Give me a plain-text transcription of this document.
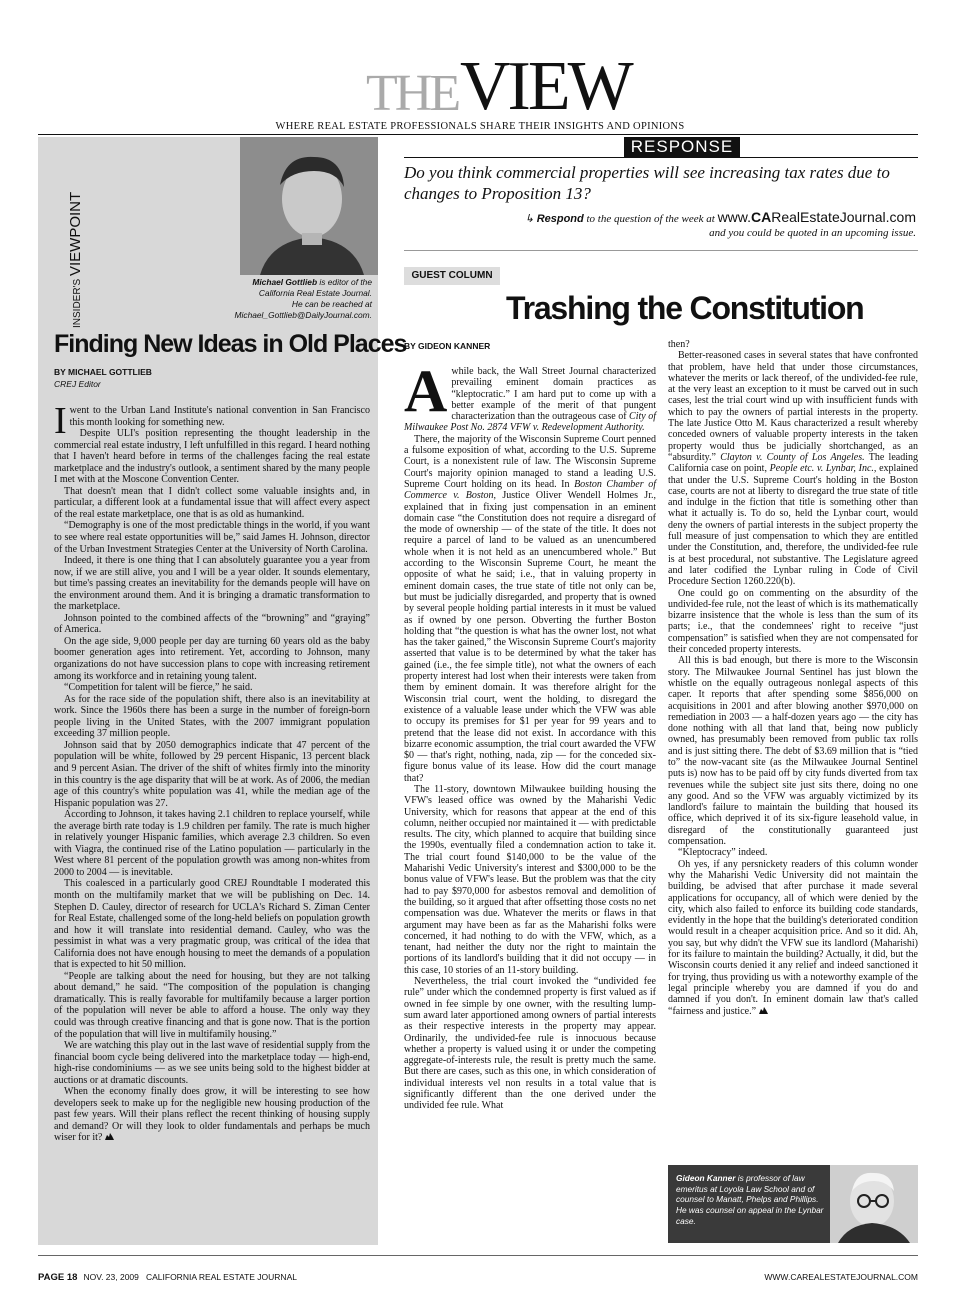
THE VIEW
WHERE REAL ESTATE PROFESSIONALS SHARE THEIR INSIGHTS AND OPINIONS
INSIDER'S
VIEWPOINT
Michael Gottlieb is editor of the
California Real Estate Journal.
He can be reached at
Michael_Gottlieb@DailyJournal.com.
Finding New Ideas in Old Places
BY MICHAEL GOTTLIEB
CREJ Editor

Iwent to the Urban Land Institute's national convention in San Francisco this month looking for something new.

Despite ULI's position representing the thought leadership in the commercial real estate industry, I left unfulfilled in this regard. I heard nothing that I haven't heard before in terms of the challenges facing the real estate marketplace and the industry's outlook, a sentiment shared by the many people I met with at the Moscone Convention Center.

That doesn't mean that I didn't collect some valuable insights and, in particular, a different look at a fundamental issue that will affect every aspect of the real estate marketplace, one that is as old as humankind.

“Demography is one of the most predictable things in the world, if you want to see where real estate opportunities will be,” said James H. Johnson, director of the Urban Investment Strategies Center at the University of North Carolina.

Indeed, it there is one thing that I can absolutely guarantee you a year from now, if we are still alive, you and I will be a year older. It sounds elementary, but time's passing creates an inevitability for the demands people will have on the environment around them. And it is bringing a dramatic transformation to the marketplace.

Johnson pointed to the combined affects of the “browning” and “graying” of America.

On the age side, 9,000 people per day are turning 60 years old as the baby boomer generation ages into retirement. Yet, according to Johnson, many organizations do not have succession plans to cope with increasing retirement among its workforce and in retaining young talent.

“Competition for talent will be fierce,” he said.

As for the race side of the population shift, there also is an inevitability at work. Since the 1960s there has been a surge in the number of foreign-born people living in the United States, with the 2007 immigrant population exceeding 37 million people.

Johnson said that by 2050 demographics indicate that 47 percent of the population will be white, followed by 29 percent Hispanic, 13 percent black and 9 percent Asian. The driver of the shift of whites firmly into the minority in this country is the age disparity that will be at work. As of 2006, the median age of this country's white population was 41, while the median age of the Hispanic population was 27.

According to Johnson, it takes having 2.1 children to replace yourself, while the average birth rate today is 1.9 children per family. The rate is much higher in relatively younger Hispanic families, which average 2.3 children. So even with Viagra, the continued rise of the Latino population — particularly in the West where 81 percent of the population growth was among non-whites from 2000 to 2004 — is inevitable.

This coalesced in a particularly good CREJ Roundtable I moderated this month on the multifamily market that we will be publishing on Dec. 14. Stephen D. Cauley, director of research for UCLA's Richard S. Ziman Center for Real Estate, challenged some of the long-held beliefs on population growth and how it will translate into residential demand. Cauley, who was the pessimist in what was a very pragmatic group, was critical of the idea that California does not have enough housing to meet the demands of a population that is expected to hit 50 million.

“People are talking about the need for housing, but they are not talking about demand,” he said. “The composition of the population is changing dramatically. This is really favorable for multifamily because a larger portion of the population will never be able to afford a house. The only way they could was through creative financing and that is gone now. That is the portion of the population that will live in multifamily housing.”

We are watching this play out in the last wave of residential supply from the financial boom cycle being delivered into the marketplace today — high-end, high-rise condominiums — as we see units being sold to the highest bidder at auctions or at dramatic discounts.

When the economy finally does grow, it will be interesting to see how developers seek to make up for the negligible new housing production of the past few years. Will their plans reflect the recent thinking of housing supply and demand? Or will they look to older fundamentals and perhaps be much wiser for it?

RESPONSE
Do you think commercial properties will see increasing tax rates due to changes to Proposition 13?
↳ Respond to the question of the week at www.CARealEstateJournal.com
and you could be quoted in an upcoming issue.
GUEST COLUMN
Trashing the Constitution
BY GIDEON KANNER

Awhile back, the Wall Street Journal characterized prevailing eminent domain practices as “kleptocratic.” I am hard put to come up with a better example of the merit of that pungent characterization than the outrageous case of City of Milwaukee Post No. 2874 VFW v. Redevelopment Authority.

There, the majority of the Wisconsin Supreme Court penned a fulsome exposition of what, according to the U.S. Supreme Court, is a nonexistent rule of law. The Wisconsin Supreme Court's majority opinion managed to stand a leading U.S. Supreme Court holding on its head. In Boston Chamber of Commerce v. Boston, Justice Oliver Wendell Holmes Jr., explained that in fixing just compensation in an eminent domain case “the Constitution does not require a disregard of the mode of ownership — of the state of the title. It does not require a parcel of land to be valued as an unencumbered whole when it is not held as an unencumbered whole.” But according to the Wisconsin Supreme Court, he meant the opposite of what he said; i.e., that in valuing property in eminent domain cases, the true state of title not only can be, but must be judicially disregarded, and property that is owned by several people holding partial interests in it must be valued as if owned by one person. Obverting the further Boston holding that “the question is what has the owner lost, not what has the taker gained,” the Wisconsin Supreme Court's majority asserted that value is to be determined by what the taker has gained (i.e., the fee simple title), not what the owners of each property interest had lost when their interests were taken from them by eminent domain. It was therefore alright for the Wisconsin trial court, went the holding, to disregard the existence of a valuable lease under which the VFW was able to occupy its premises for $1 per year for 99 years and to pretend that the lease did not exist. In accordance with this bizarre economic assumption, the trial court awarded the VFW $0 — that's right, nothing, nada, zip — for the conceded six-figure bonus value of its lease. How did the court manage that?

The 11-story, downtown Milwaukee building housing the VFW's leased office was owned by the Maharishi Vedic University, which for reasons that appear at the end of this column, neither occupied nor maintained it — with predictable results. The city, which planned to acquire that building since the 1990s, eventually filed a condemnation action to take it. The trial court found $140,000 to be the value of the Maharishi Vedic University's interest and $300,000 to be the bonus value of VFW's lease. But the problem was that the city had to pay $970,000 for asbestos removal and demolition of the building, so it argued that after offsetting those costs no net compensation was due. Whatever the merits or flaws in that argument may have been as far as the Maharishi folks were concerned, it had nothing to do with the VFW, which, as a tenant, had neither the duty nor the right to maintain the portions of its landlord's building that it did not occupy — in this case, 10 stories of an 11-story building.

Nevertheless, the trial court invoked the “undivided fee rule” under which the condemned property is first valued as if owned in fee simple by one owner, with the resulting lump-sum award later apportioned among owners of partial interests as their respective interests in the property may appear. Ordinarily, the undivided-fee rule is innocuous because whether a property is valued using it or under the competing aggregate-of-interests rule, the result is pretty much the same. But there are cases, such as this one, in which consideration of individual interests vel non results in a total value that is significantly different than the one derived under the undivided fee rule. What

then?

Better-reasoned cases in several states that have confronted that problem, have held that under those circumstances, whatever the merits or lack thereof, of the undivided-fee rule, at the very least an exception to it must be carved out in such cases, lest the trial court wind up with insufficient funds with which to pay the owners of partial interests in the property. The late Justice Otto M. Kaus characterized a result whereby conceded owners of valuable property interests in the taken property would thus be judicially shortchanged, as an “absurdity.” Clayton v. County of Los Angeles. The leading California case on point, People etc. v. Lynbar, Inc., explained that under the U.S. Supreme Court's holding in the Boston case, courts are not at liberty to disregard the true state of title and indulge in the fiction that title is something other than what it actually is. To do so, held the Lynbar court, would deny the owners of partial interests in the subject property the full measure of just compensation to which they are entitled under the Constitution, and, therefore, the undivided-fee rule is at best procedural, not substantive. The Legislature agreed and later codified the Lynbar ruling in Code of Civil Procedure Section 1260.220(b).

One could go on commenting on the absurdity of the undivided-fee rule, not the least of which is its mathematically bizarre insistence that the whole is less than the sum of its parts; i.e., that the condemnees' right to receive “just compensation” is satisfied when they are not compensated for their conceded property interests.

All this is bad enough, but there is more to the Wisconsin story. The Milwaukee Journal Sentinel has just blown the whistle on the equally outrageous nonlegal aspects of this caper. It reports that after spending some $856,000 on acquisitions in 2001 and after blowing another $970,000 on remediation in 2003 — a half-dozen years ago — the city has done nothing with all that land that, being now publicly owned, has presumably been removed from public tax rolls and is just sitting there. The debt of $3.69 million that is “tied to” the now-vacant site (as the Milwaukee Journal Sentinel puts is) now has to be paid off by city funds diverted from tax revenues while the subject site just sits there, doing no one any good. And so the VFW was arguably victimized by its landlord's failure to maintain the building that housed its office, which deprived it of its six-figure leasehold value, in disregard of the constitutionally guaranteed just compensation.

“Kleptocracy” indeed.

Oh yes, if any persnickety readers of this column wonder why the Maharishi Vedic University did not maintain the building, be advised that after purchase it made several applications for occupancy, all of which were denied by the city, which also failed to enforce its building code standards, evidently in the hope that the building's deteriorated condition would result in a cheaper acquisition price. And so it did. Ah, you say, but why didn't the VFW sue its landlord (Maharishi) for its failure to maintain the building? Actually, it did, but the Wisconsin courts denied it any relief and indeed sanctioned it for trying, thus providing us with a noteworthy example of the legal principle whereby you are damned if you do and damned if you don't. In eminent domain law that's called “fairness and justice.”

Gideon Kanner is professor of law emeritus at Loyola Law School and of counsel to Manatt, Phelps and Phillips. He was counsel on appeal in the Lynbar case.
PAGE 18 NOV. 23, 2009 CALIFORNIA REAL ESTATE JOURNAL	WWW.CAREALESTATEJOURNAL.COM
